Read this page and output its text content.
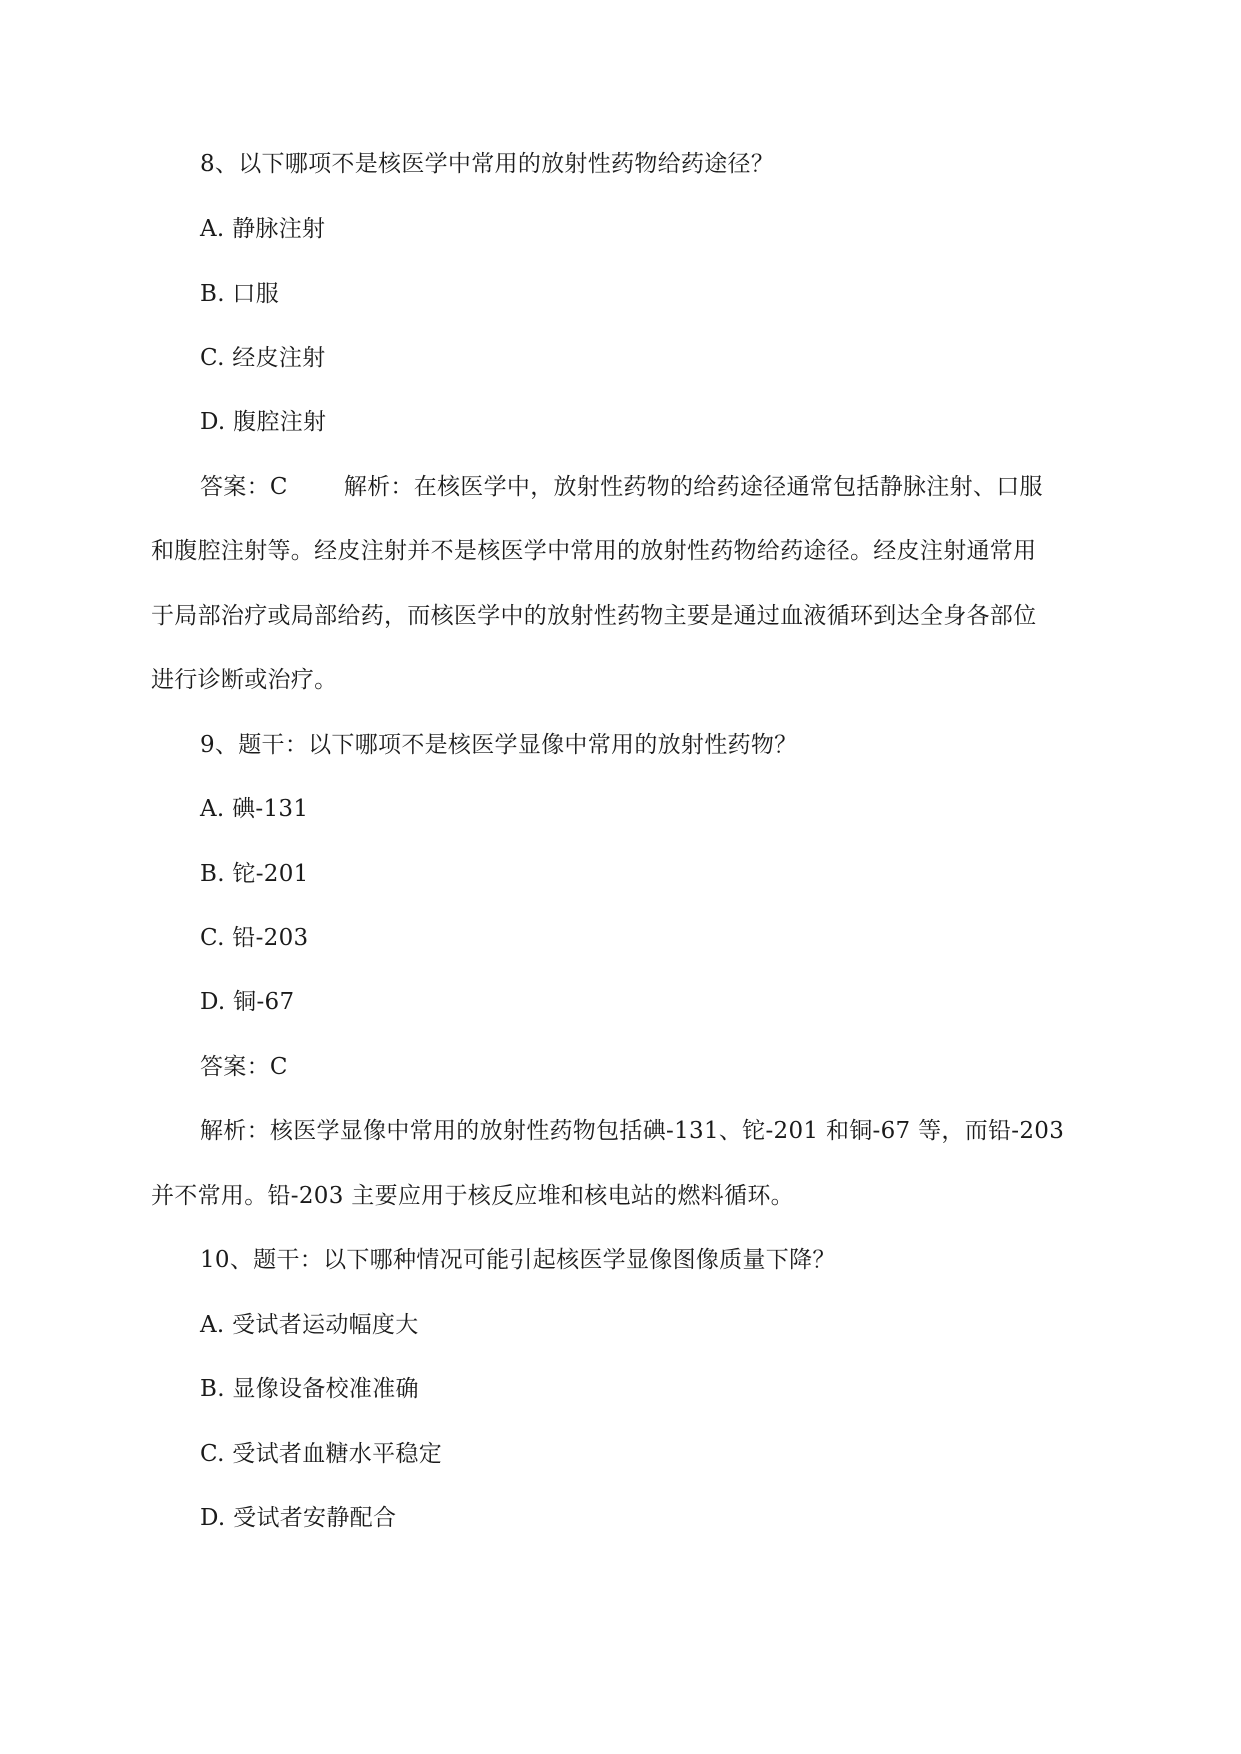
8、以下哪项不是核医学中常用的放射性药物给药途径？
A. 静脉注射
B. 口服
C. 经皮注射
D. 腹腔注射
答案：C 解析：在核医学中，放射性药物的给药途径通常包括静脉注射、口服
和腹腔注射等。经皮注射并不是核医学中常用的放射性药物给药途径。经皮注射通常用
于局部治疗或局部给药，而核医学中的放射性药物主要是通过血液循环到达全身各部位
进行诊断或治疗。
9、题干：以下哪项不是核医学显像中常用的放射性药物？
A. 碘-131
B. 铊-201
C. 铅-203
D. 铜-67
答案：C
解析：核医学显像中常用的放射性药物包括碘-131、铊-201 和铜-67 等，而铅-203
并不常用。铅-203 主要应用于核反应堆和核电站的燃料循环。
10、题干：以下哪种情况可能引起核医学显像图像质量下降？
A. 受试者运动幅度大
B. 显像设备校准准确
C. 受试者血糖水平稳定
D. 受试者安静配合
